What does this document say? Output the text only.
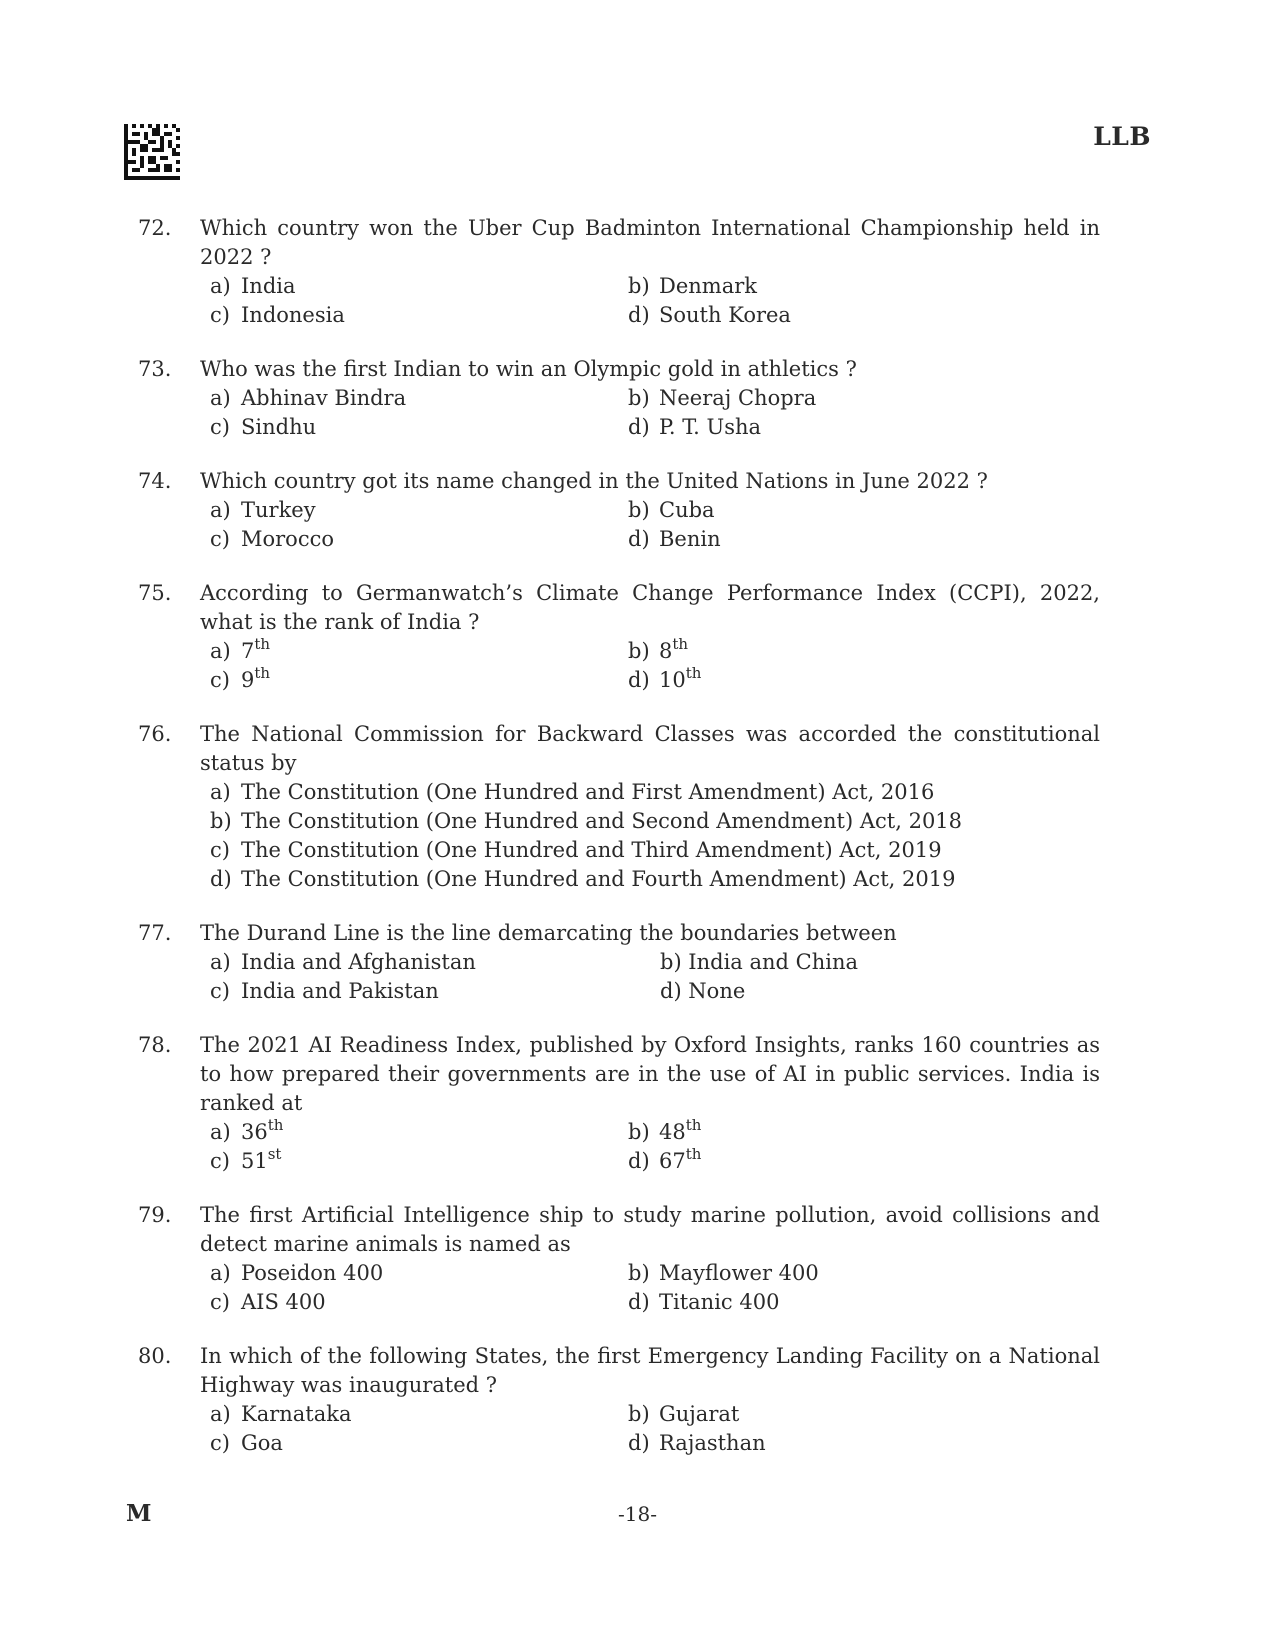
LLB
72.	Which country won the Uber Cup Badminton International Championship held in 2022 ?
a) India	b) Denmark
c) Indonesia	d) South Korea
73.	Who was the first Indian to win an Olympic gold in athletics ?
a) Abhinav Bindra	b) Neeraj Chopra
c) Sindhu	d) P. T. Usha
74.	Which country got its name changed in the United Nations in June 2022 ?
a) Turkey	b) Cuba
c) Morocco	d) Benin
75.	According to Germanwatch’s Climate Change Performance Index (CCPI), 2022, what is the rank of India ?
a) 7th	b) 8th
c) 9th	d) 10th
76.	The National Commission for Backward Classes was accorded the constitutional status by
a) The Constitution (One Hundred and First Amendment) Act, 2016
b) The Constitution (One Hundred and Second Amendment) Act, 2018
c) The Constitution (One Hundred and Third Amendment) Act, 2019
d) The Constitution (One Hundred and Fourth Amendment) Act, 2019
77.	The Durand Line is the line demarcating the boundaries between
a) India and Afghanistan	b) India and China
c) India and Pakistan	d) None
78.	The 2021 AI Readiness Index, published by Oxford Insights, ranks 160 countries as to how prepared their governments are in the use of AI in public services. India is ranked at
a) 36th	b) 48th
c) 51st	d) 67th
79.	The first Artificial Intelligence ship to study marine pollution, avoid collisions and detect marine animals is named as
a) Poseidon 400	b) Mayflower 400
c) AIS 400	d) Titanic 400
80.	In which of the following States, the first Emergency Landing Facility on a National Highway was inaugurated ?
a) Karnataka	b) Gujarat
c) Goa	d) Rajasthan
M	-18-
